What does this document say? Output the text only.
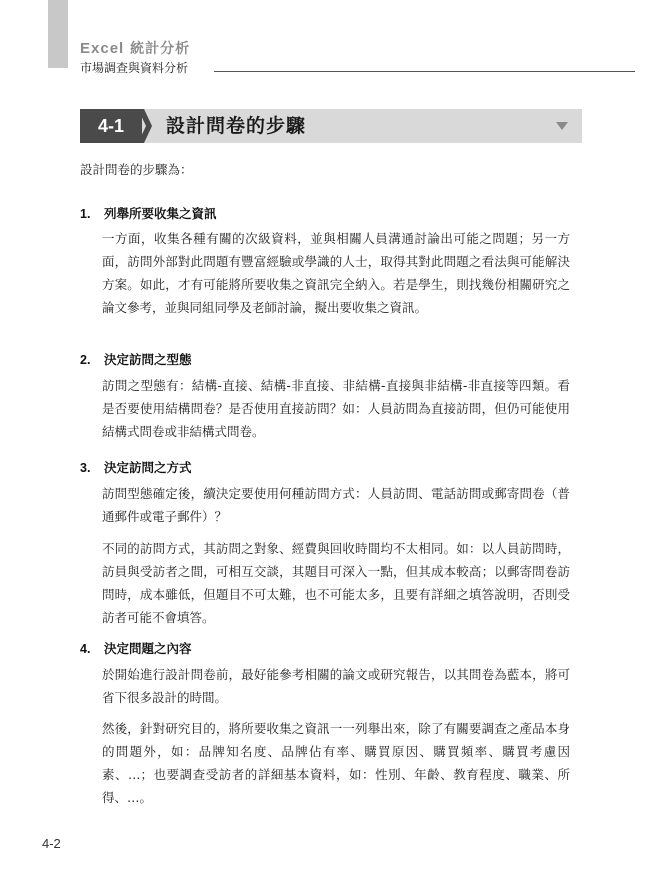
Excel 統計分析
市場調查與資料分析
4-1	設計問卷的步驟
設計問卷的步驟為：
1. 列舉所要收集之資訊

一方面，收集各種有關的次級資料，並與相關人員溝通討論出可能之問題；另一方面，訪問外部對此問題有豐富經驗或學識的人士，取得其對此問題之看法與可能解決方案。如此，才有可能將所要收集之資訊完全納入。若是學生，則找幾份相關研究之論文參考，並與同組同學及老師討論，擬出要收集之資訊。

2. 決定訪問之型態

訪問之型態有：結構-直接、結構-非直接、非結構-直接與非結構-非直接等四類。看是否要使用結構問卷？是否使用直接訪問？如：人員訪問為直接訪問，但仍可能使用結構式問卷或非結構式問卷。

3. 決定訪問之方式

訪問型態確定後，續決定要使用何種訪問方式：人員訪問、電話訪問或郵寄問卷（普通郵件或電子郵件）？

不同的訪問方式，其訪問之對象、經費與回收時間均不太相同。如：以人員訪問時，訪員與受訪者之間，可相互交談，其題目可深入一點，但其成本較高；以郵寄問卷訪問時，成本雖低，但題目不可太難，也不可能太多，且要有詳細之填答說明，否則受訪者可能不會填答。

4. 決定問題之內容

於開始進行設計問卷前，最好能參考相關的論文或研究報告，以其問卷為藍本，將可省下很多設計的時間。

然後，針對研究目的，將所要收集之資訊一一列舉出來，除了有關要調查之產品本身的問題外，如：品牌知名度、品牌佔有率、購買原因、購買頻率、購買考慮因素、…；也要調查受訪者的詳細基本資料，如：性別、年齡、教育程度、職業、所得、…。

4-2
